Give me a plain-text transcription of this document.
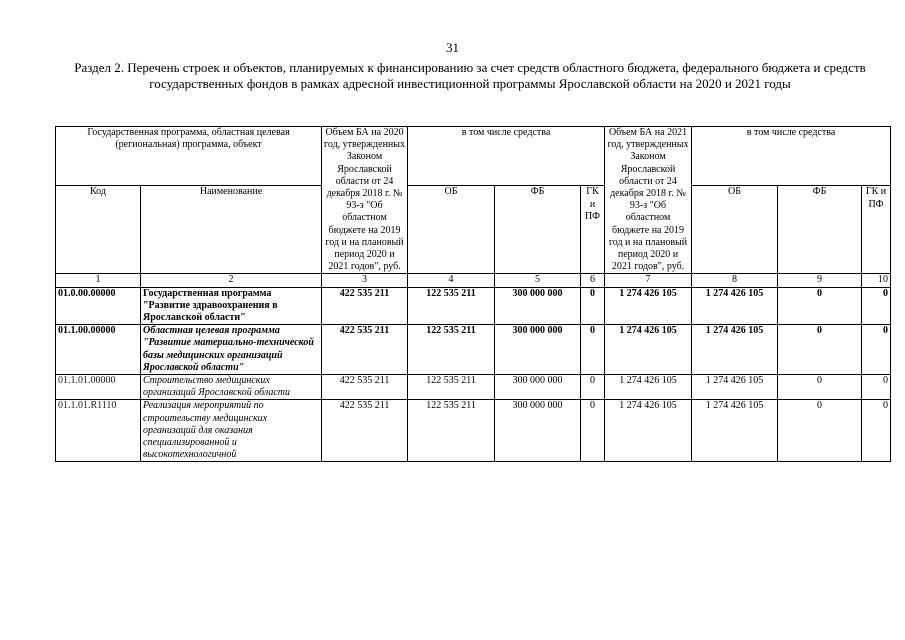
31
Раздел 2. Перечень строек и объектов, планируемых к финансированию за счет средств областного бюджета, федерального бюджета и средств государственных фондов в рамках адресной инвестиционной программы Ярославской области на 2020 и 2021 годы
Государственная программа, областная целевая (региональная) программа, объект		Объем БА на 2020 год, утвержденных Законом Ярославской области от 24 декабря 2018 г. № 93-з "Об областном бюджете на 2019 год и на плановый период 2020 и 2021 годов", руб.	в том числе средства			Объем БА на 2021 год, утвержденных Законом Ярославской области от 24 декабря 2018 г. № 93-з "Об областном бюджете на 2019 год и на плановый период 2020 и 2021 годов", руб.	в том числе средства		
Код	Наименование		ОБ	ФБ	ГК и ПФ		ОБ	ФБ	ГК и ПФ
1	2	3	4	5	6	7	8	9	10
01.0.00.00000	Государственная программа "Развитие здравоохранения в Ярославской области"	422 535 211	122 535 211	300 000 000	0	1 274 426 105	1 274 426 105	0	0
01.1.00.00000	Областная целевая программа "Развитие материально-технической базы медицинских организаций Ярославской области"	422 535 211	122 535 211	300 000 000	0	1 274 426 105	1 274 426 105	0	0
01.1.01.00000	Строительство медицинских организаций Ярославской области	422 535 211	122 535 211	300 000 000	0	1 274 426 105	1 274 426 105	0	0
01.1.01.R1110	Реализация мероприятий по строительству медицинских организаций для оказания специализированной и высокотехнологичной	422 535 211	122 535 211	300 000 000	0	1 274 426 105	1 274 426 105	0	0
